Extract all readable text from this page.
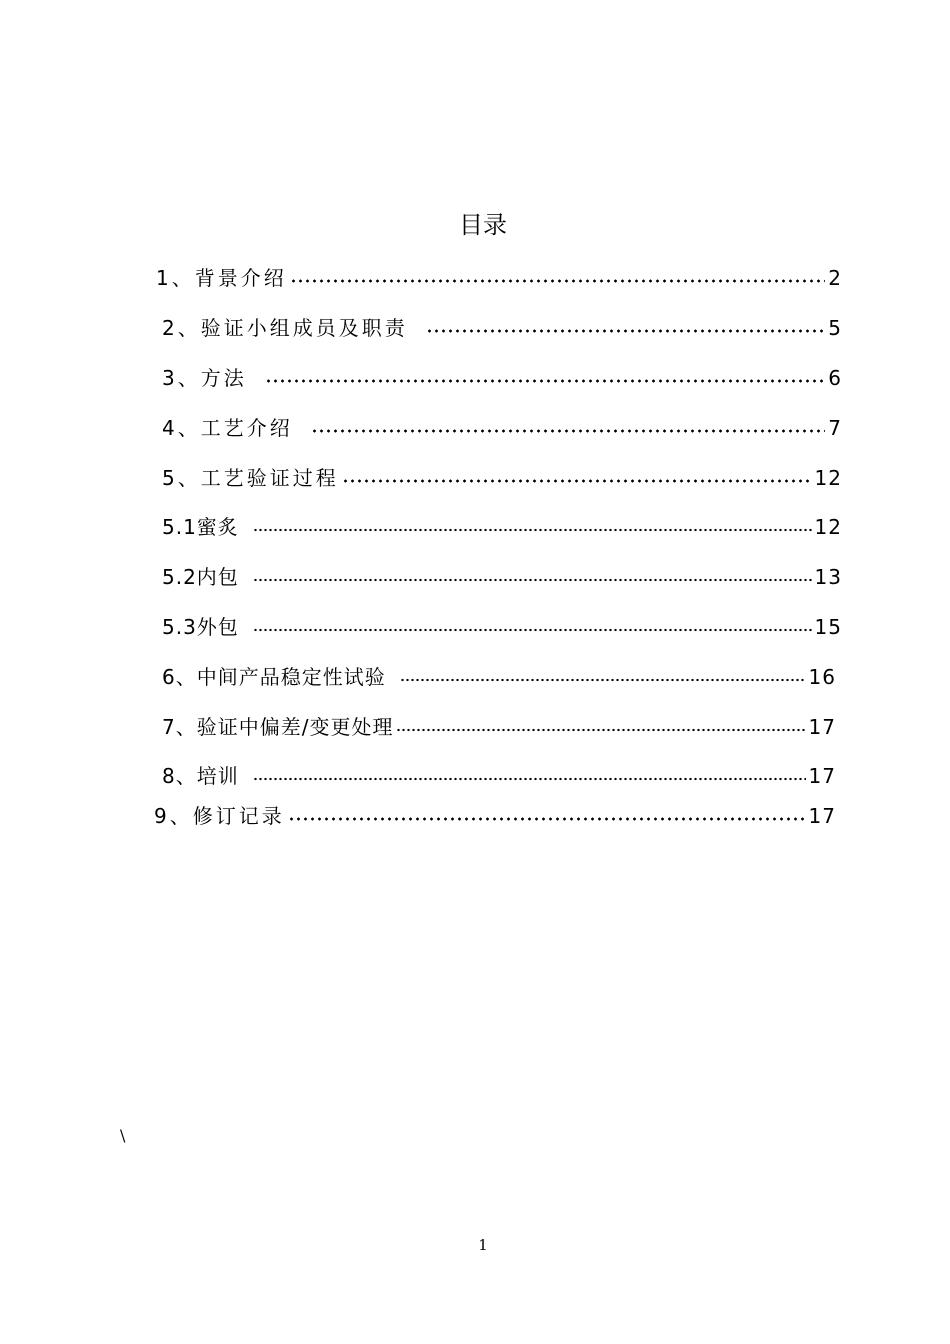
目录
1、背景介绍	2
2、验证小组成员及职责	5
3、方法	6
4、工艺介绍	7
5、工艺验证过程	12
5.1蜜炙	12
5.2内包	13
5.3外包	15
6、中间产品稳定性试验	16
7、验证中偏差/变更处理	17
8、培训	17
9、修订记录	17
\
1
